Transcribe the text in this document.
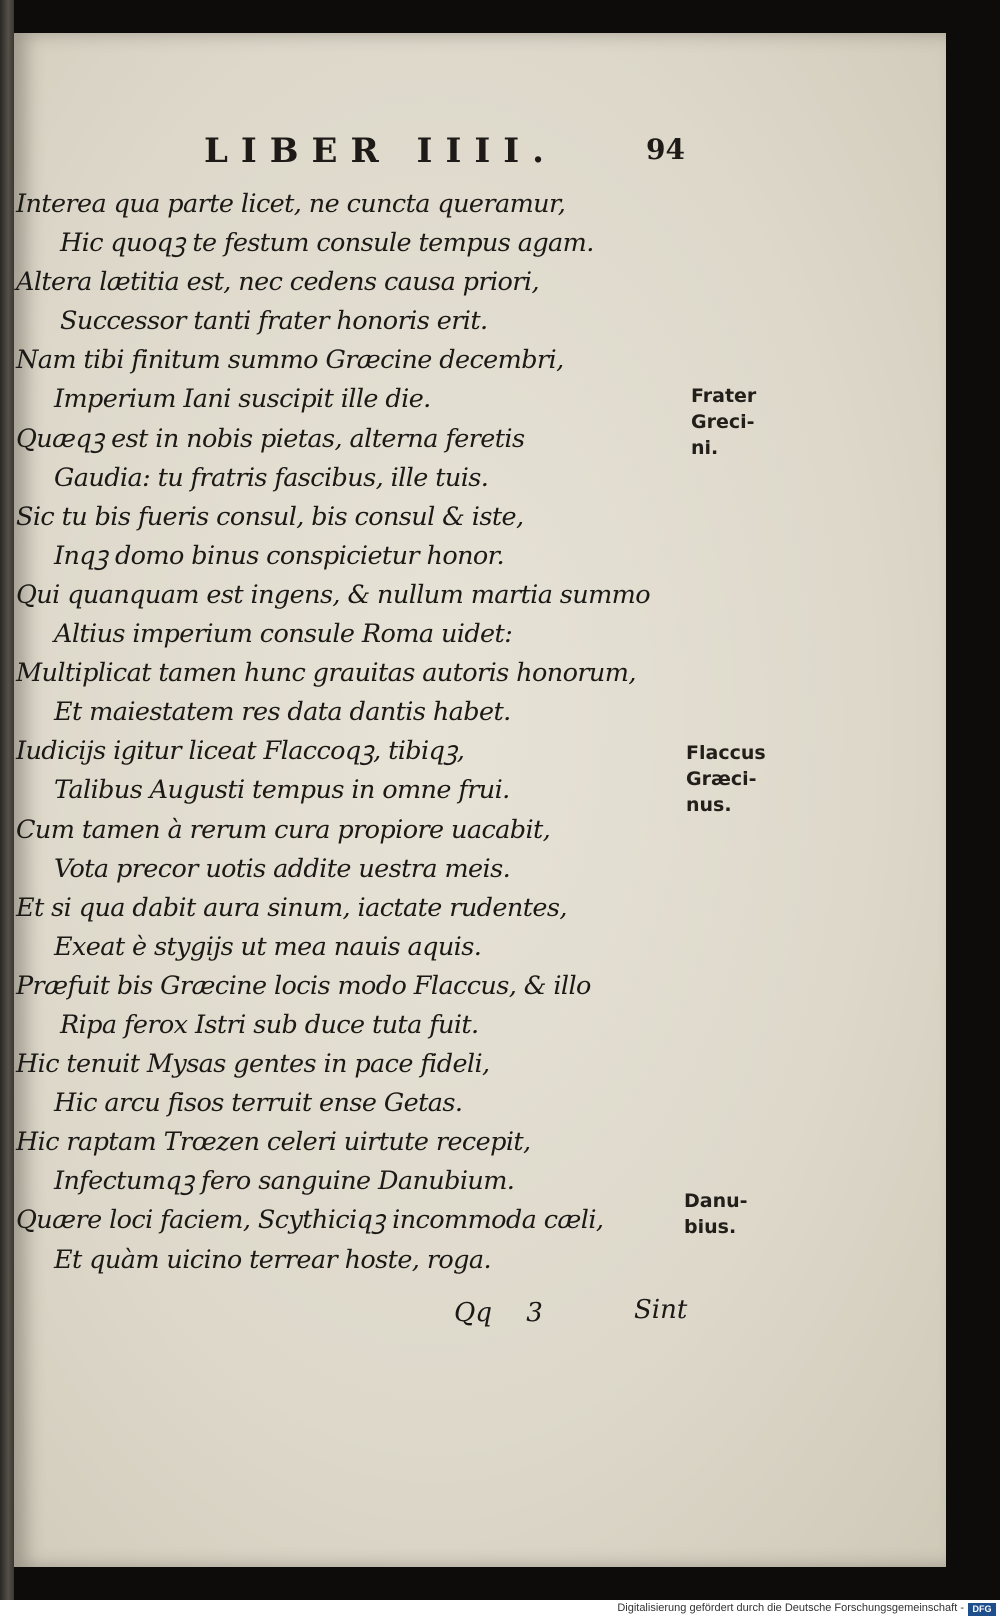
LIBER IIII.	94
Interea qua parte licet, ne cuncta queramur,
Hic quoqꝫ te festum consule tempus agam.
Altera lætitia est, nec cedens causa priori,
Successor tanti frater honoris erit.
Nam tibi finitum summo Græcine decembri,
Imperium Iani suscipit ille die.
Quæqꝫ est in nobis pietas, alterna feretis
Gaudia: tu fratris fascibus, ille tuis.
Sic tu bis fueris consul, bis consul & iste,
Inqꝫ domo binus conspicietur honor.
Qui quanquam est ingens, & nullum martia summo
Altius imperium consule Roma uidet:
Multiplicat tamen hunc grauitas autoris honorum,
Et maiestatem res data dantis habet.
Iudicijs igitur liceat Flaccoqꝫ, tibiqꝫ,
Talibus Augusti tempus in omne frui.
Cum tamen à rerum cura propiore uacabit,
Vota precor uotis addite uestra meis.
Et si qua dabit aura sinum, iactate rudentes,
Exeat è stygijs ut mea nauis aquis.
Præfuit bis Græcine locis modo Flaccus, & illo
Ripa ferox Istri sub duce tuta fuit.
Hic tenuit Mysas gentes in pace fideli,
Hic arcu fisos terruit ense Getas.
Hic raptam Trœzen celeri uirtute recepit,
Infectumqꝫ fero sanguine Danubium.
Quære loci faciem, Scythiciqꝫ incommoda cæli,
Et quàm uicino terrear hoste, roga.
Frater
Greci-
ni.
Flaccus
Græci-
nus.
Danu-
bius.
Qq 3	Sint
Digitalisierung gefördert durch die Deutsche Forschungsgemeinschaft - DFG
